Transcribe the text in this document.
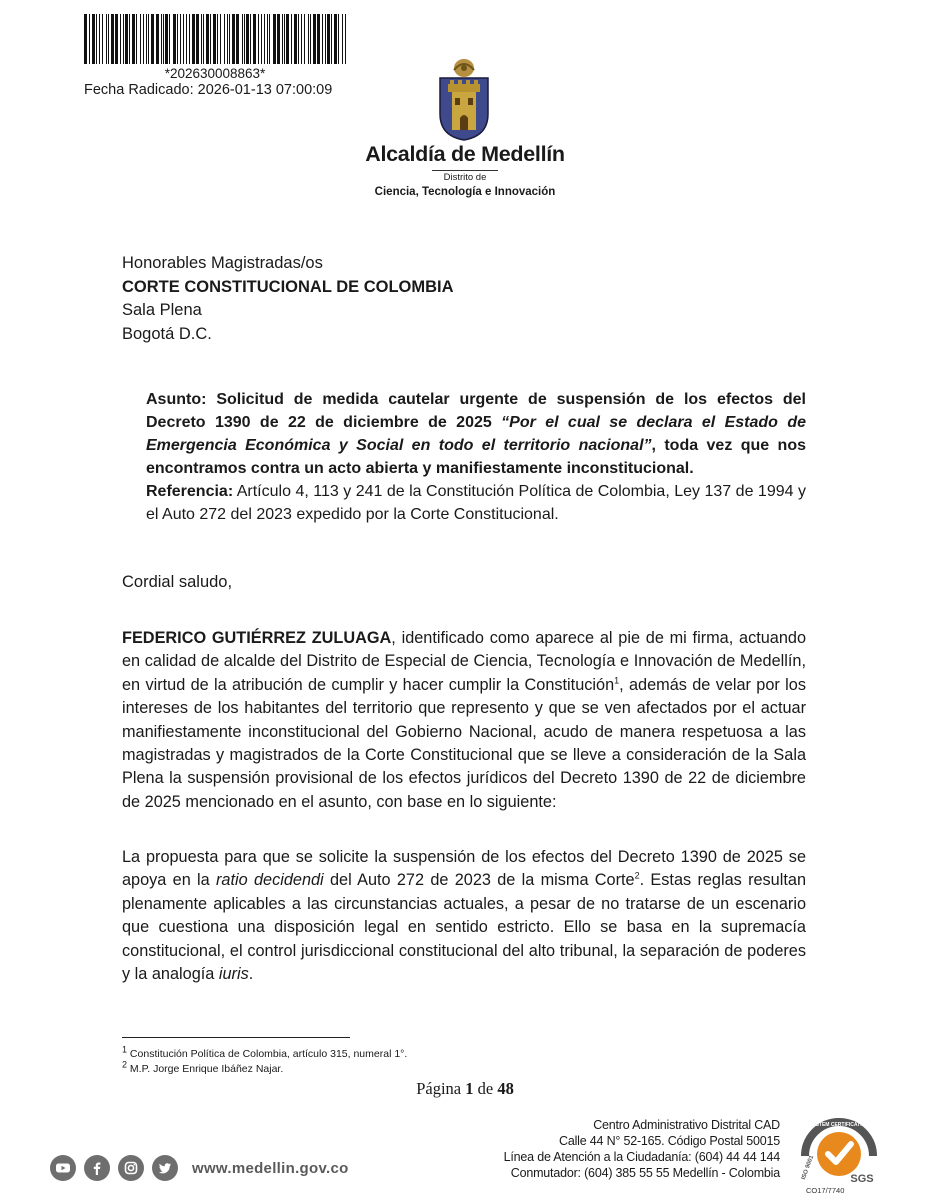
*202630008863*
Fecha Radicado: 2026-01-13 07:00:09
Alcaldía de Medellín
Distrito de
Ciencia, Tecnología e Innovación
Honorables Magistradas/os
CORTE CONSTITUCIONAL DE COLOMBIA
Sala Plena
Bogotá D.C.
Asunto: Solicitud de medida cautelar urgente de suspensión de los efectos del Decreto 1390 de 22 de diciembre de 2025 “Por el cual se declara el Estado de Emergencia Económica y Social en todo el territorio nacional”, toda vez que nos encontramos contra un acto abierta y manifiestamente inconstitucional.
Referencia: Artículo 4, 113 y 241 de la Constitución Política de Colombia, Ley 137 de 1994 y el Auto 272 del 2023 expedido por la Corte Constitucional.
Cordial saludo,
FEDERICO GUTIÉRREZ ZULUAGA, identificado como aparece al pie de mi firma, actuando en calidad de alcalde del Distrito de Especial de Ciencia, Tecnología e Innovación de Medellín, en virtud de la atribución de cumplir y hacer cumplir la Constitución$^1$, además de velar por los intereses de los habitantes del territorio que represento y que se ven afectados por el actuar manifiestamente inconstitucional del Gobierno Nacional, acudo de manera respetuosa a las magistradas y magistrados de la Corte Constitucional que se lleve a consideración de la Sala Plena la suspensión provisional de los efectos jurídicos del Decreto 1390 de 22 de diciembre de 2025 mencionado en el asunto, con base en lo siguiente:
La propuesta para que se solicite la suspensión de los efectos del Decreto 1390 de 2025 se apoya en la ratio decidendi del Auto 272 de 2023 de la misma Corte$^2$. Estas reglas resultan plenamente aplicables a las circunstancias actuales, a pesar de no tratarse de un escenario que cuestiona una disposición legal en sentido estricto. Ello se basa en la supremacía constitucional, el control jurisdiccional constitucional del alto tribunal, la separación de poderes y la analogía iuris.
$^1$ Constitución Política de Colombia, artículo 315, numeral 1°.
$^2$ M.P. Jorge Enrique Ibáñez Najar.
Página 1 de 48
Centro Administrativo Distrital CAD
Calle 44 N° 52-165. Código Postal 50015
Línea de Atención a la Ciudadanía: (604) 44 44 144
Conmutador: (604) 385 55 55 Medellín - Colombia
www.medellin.gov.co
SYSTEM CERTIFICATION
ISO 9001	SGS
CO17/7740
